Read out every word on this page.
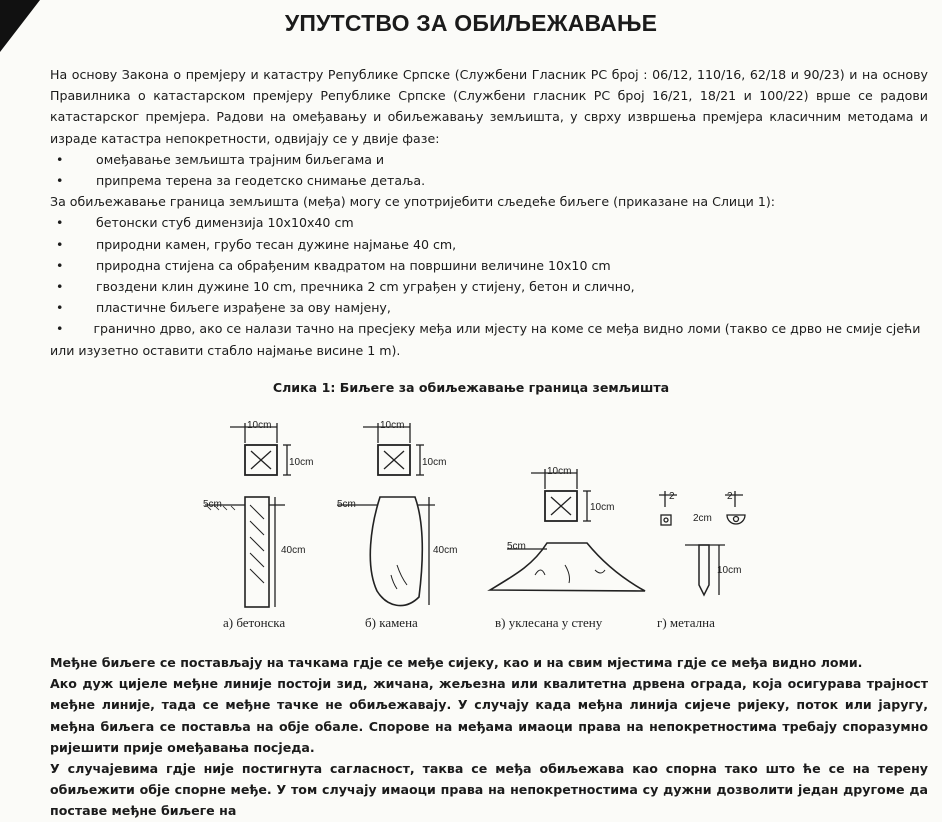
УПУТСТВО ЗА ОБИЉЕЖАВАЊЕ

На основу Закона о премјеру и катастру Републике Српске (Службени Гласник РС број : 06/12, 110/16, 62/18 и 90/23) и на основу Правилника о катастарском премјеру Републике Српске (Службени гласник РС број 16/21, 18/21 и 100/22) врше се радови катастарског премјера. Радови на омеђавању и обиљежавању земљишта, у сврху извршења премјера класичним методама и израде катастра непокретности, одвијају се у двије фазе:

•	омеђавање земљишта трајним биљегама и
•	припрема терена за геодетско снимање детаља.

За обиљежавање граница земљишта (међа) могу се употријебити сљедеће биљеге (приказане на Слици 1):

•	бетонски стуб димензија 10x10x40 cm
•	природни камен, грубо тесан дужине најмање 40 cm,
•	природна стијена са обрађеним квадратом на површини величине 10x10 cm
•	гвоздени клин дужине 10 cm, пречника 2 cm уграђен у стијену, бетон и слично,
•	пластичне биљеге израђене за ову намјену,
• гранично дрво, ако се налази тачно на пресјеку међа или мјесту на коме се међа видно ломи (такво се дрво не смије сјећи или изузетно оставити стабло најмање висине 1 m).
Слика 1: Биљеге за обиљежавање граница земљишта
10cm
10cm
5cm
40cm
а) бетонска
10cm
10cm
5cm
40cm
б) камена
10cm
10cm
5cm
в) уклесана у стену
2	2
2cm
10cm
г) метална

Међне биљеге се постављају на тачкама гдје се међе сијеку, као и на свим мјестима гдје се међа видно ломи.

Ако дуж цијеле међне линије постоји зид, жичана, жељезна или квалитетна дрвена ограда, која осигурава трајност међне линије, тада се међне тачке не обиљежавају. У случају када међна линија сијече ријеку, поток или јаругу, међна биљега се поставља на обје обале. Спорове на међама имаоци права на непокретностима требају споразумно ријешити прије омеђавања посједа.

У случајевима гдје није постигнута сагласност, таква се међа обиљежава као спорна тако што ће се на терену обиљежити обје спорне међе. У том случају имаоци права на непокретностима су дужни дозволити један другоме да поставе међне биљеге на
